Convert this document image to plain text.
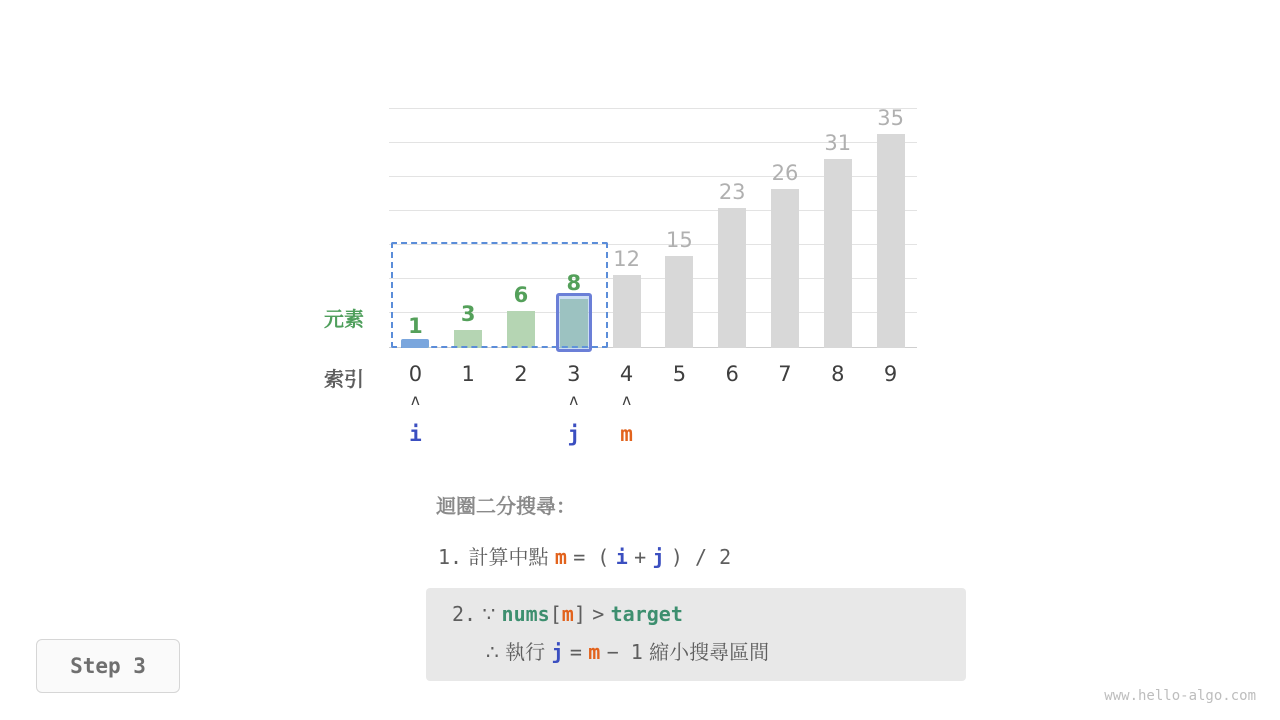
元素
索引
1 3
6 8
12
15
23
26
31
35
0	1	2	3	4	5	6	7	8	9
ʌ
i
ʌ
j
ʌ
m
迴圈二分搜尋：
1. 計算中點 m = ( i + j ) / 2
2. ∵ nums[m] > target
∴ 執行 j = m − 1 縮小搜尋區間
Step 3
www.hello-algo.com
